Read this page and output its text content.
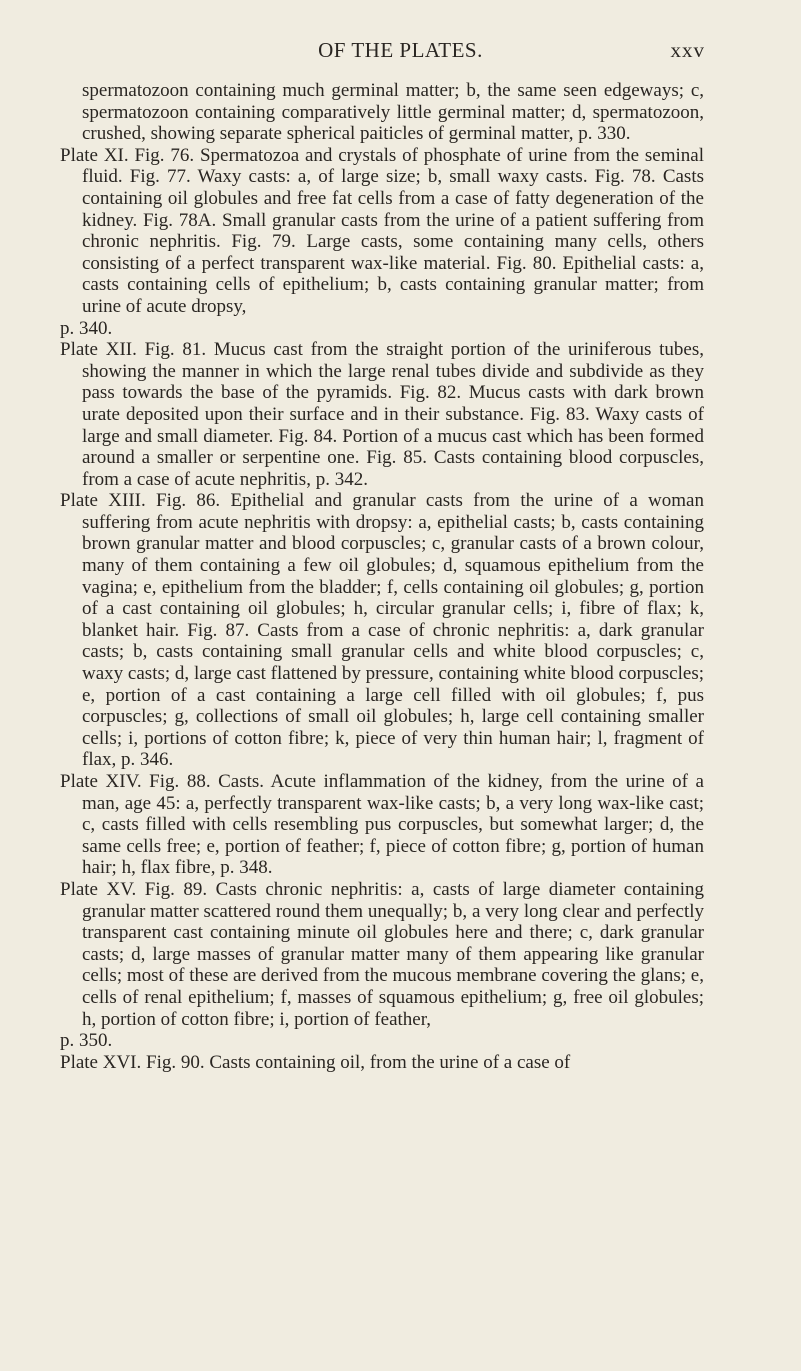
OF THE PLATES.	xxv

spermatozoon containing much germinal matter; b, the same seen edgeways; c, spermatozoon containing comparatively little germinal matter; d, spermatozoon, crushed, showing separate spherical paiticles of germinal matter, p. 330.

Plate XI. Fig. 76. Spermatozoa and crystals of phosphate of urine from the seminal fluid. Fig. 77. Waxy casts: a, of large size; b, small waxy casts. Fig. 78. Casts containing oil globules and free fat cells from a case of fatty degeneration of the kidney. Fig. 78A. Small granular casts from the urine of a patient suffering from chronic nephritis. Fig. 79. Large casts, some containing many cells, others consisting of a perfect transparent wax-like material. Fig. 80. Epithelial casts: a, casts containing cells of epithelium; b, casts containing granular matter; from urine of acute dropsy,
p. 340.

Plate XII. Fig. 81. Mucus cast from the straight portion of the uriniferous tubes, showing the manner in which the large renal tubes divide and subdivide as they pass towards the base of the pyramids. Fig. 82. Mucus casts with dark brown urate deposited upon their surface and in their substance. Fig. 83. Waxy casts of large and small diameter. Fig. 84. Portion of a mucus cast which has been formed around a smaller or serpentine one. Fig. 85. Casts containing blood corpuscles, from a case of acute nephritis, p. 342.

Plate XIII. Fig. 86. Epithelial and granular casts from the urine of a woman suffering from acute nephritis with dropsy: a, epithelial casts; b, casts containing brown granular matter and blood corpuscles; c, granular casts of a brown colour, many of them containing a few oil globules; d, squamous epithelium from the vagina; e, epithelium from the bladder; f, cells containing oil globules; g, portion of a cast containing oil globules; h, circular granular cells; i, fibre of flax; k, blanket hair. Fig. 87. Casts from a case of chronic nephritis: a, dark granular casts; b, casts containing small granular cells and white blood corpuscles; c, waxy casts; d, large cast flattened by pressure, containing white blood corpuscles; e, portion of a cast containing a large cell filled with oil globules; f, pus corpuscles; g, collections of small oil globules; h, large cell containing smaller cells; i, portions of cotton fibre; k, piece of very thin human hair; l, fragment of flax, p. 346.

Plate XIV. Fig. 88. Casts. Acute inflammation of the kidney, from the urine of a man, age 45: a, perfectly transparent wax-like casts; b, a very long wax-like cast; c, casts filled with cells resembling pus corpuscles, but somewhat larger; d, the same cells free; e, portion of feather; f, piece of cotton fibre; g, portion of human hair; h, flax fibre, p. 348.

Plate XV. Fig. 89. Casts chronic nephritis: a, casts of large diameter containing granular matter scattered round them unequally; b, a very long clear and perfectly transparent cast containing minute oil globules here and there; c, dark granular casts; d, large masses of granular matter many of them appearing like granular cells; most of these are derived from the mucous membrane covering the glans; e, cells of renal epithelium; f, masses of squamous epithelium; g, free oil globules; h, portion of cotton fibre; i, portion of feather,
p. 350.

Plate XVI. Fig. 90. Casts containing oil, from the urine of a case of
